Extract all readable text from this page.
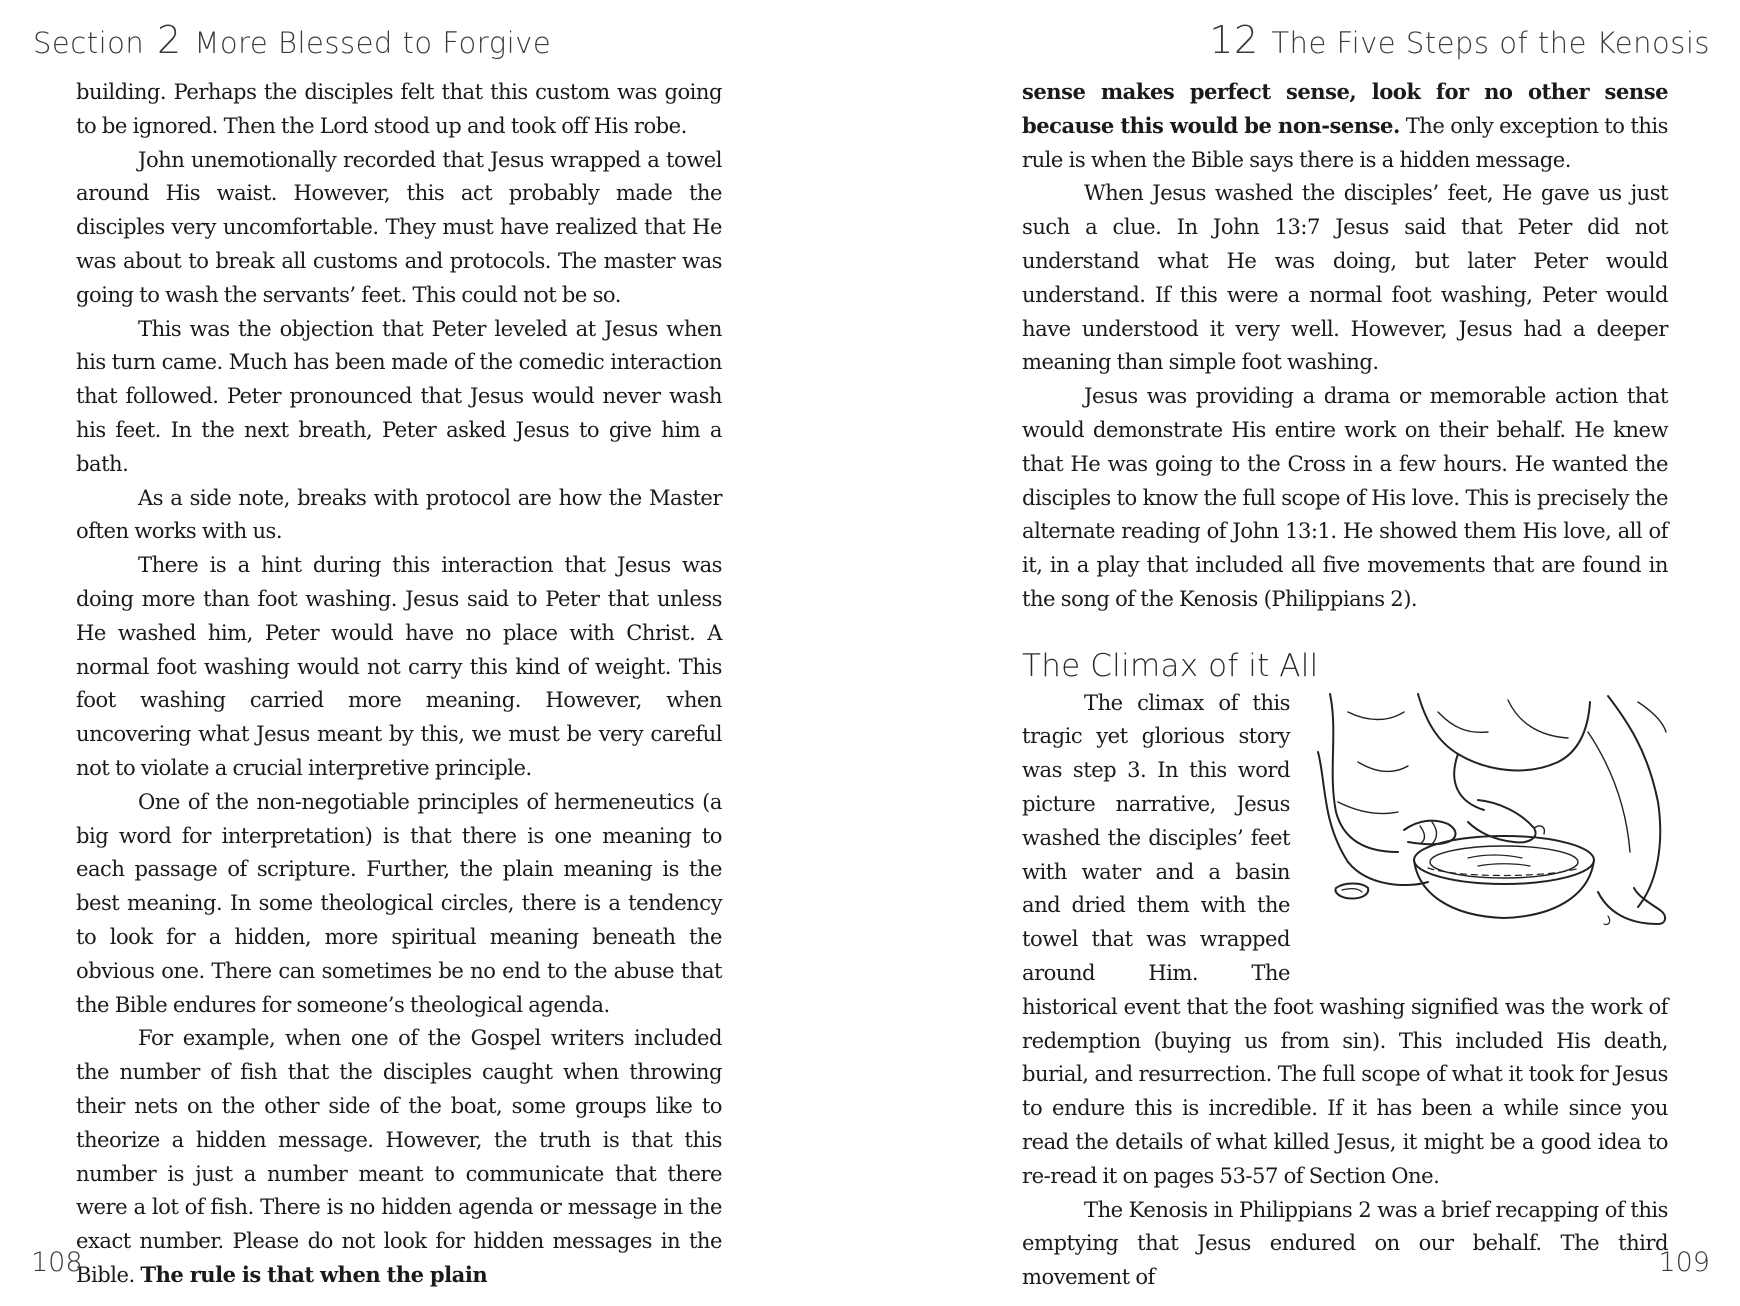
Section 2 More Blessed to Forgive

building. Perhaps the disciples felt that this custom was going to be ignored. Then the Lord stood up and took off His robe.

John unemotionally recorded that Jesus wrapped a towel around His waist. However, this act probably made the disciples very uncomfortable. They must have realized that He was about to break all customs and protocols. The master was going to wash the servants’ feet. This could not be so.

This was the objection that Peter leveled at Jesus when his turn came. Much has been made of the comedic interaction that followed. Peter pronounced that Jesus would never wash his feet. In the next breath, Peter asked Jesus to give him a bath.

As a side note, breaks with protocol are how the Master often works with us.

There is a hint during this interaction that Jesus was doing more than foot washing. Jesus said to Peter that unless He washed him, Peter would have no place with Christ. A normal foot washing would not carry this kind of weight. This foot washing carried more meaning. However, when uncovering what Jesus meant by this, we must be very careful not to violate a crucial interpretive principle.

One of the non-negotiable principles of hermeneutics (a big word for interpretation) is that there is one meaning to each passage of scripture. Further, the plain meaning is the best meaning. In some theological circles, there is a tendency to look for a hidden, more spiritual meaning beneath the obvious one. There can sometimes be no end to the abuse that the Bible endures for someone’s theological agenda.

For example, when one of the Gospel writers included the number of fish that the disciples caught when throwing their nets on the other side of the boat, some groups like to theorize a hidden message. However, the truth is that this number is just a number meant to communicate that there were a lot of fish. There is no hidden agenda or message in the exact number. Please do not look for hidden messages in the Bible. The rule is that when the plain

108
12 The Five Steps of the Kenosis

sense makes perfect sense, look for no other sense because this would be non-sense. The only exception to this rule is when the Bible says there is a hidden message.

When Jesus washed the disciples’ feet, He gave us just such a clue. In John 13:7 Jesus said that Peter did not understand what He was doing, but later Peter would understand. If this were a normal foot washing, Peter would have understood it very well. However, Jesus had a deeper meaning than simple foot washing.

Jesus was providing a drama or memorable action that would demonstrate His entire work on their behalf. He knew that He was going to the Cross in a few hours. He wanted the disciples to know the full scope of His love. This is precisely the alternate reading of John 13:1. He showed them His love, all of it, in a play that included all five movements that are found in the song of the Kenosis (Philippians 2).

The Climax of it All

The climax of this tragic yet glorious story was step 3. In this word picture narrative, Jesus washed the disciples’ feet with water and a basin and dried them with the towel that was wrapped around Him. The historical event that the foot washing signified was the work of redemption (buying us from sin). This included His death, burial, and resurrection. The full scope of what it took for Jesus to endure this is incredible. If it has been a while since you read the details of what killed Jesus, it might be a good idea to re-read it on pages 53-57 of Section One.

The Kenosis in Philippians 2 was a brief recapping of this emptying that Jesus endured on our behalf. The third movement of	109
